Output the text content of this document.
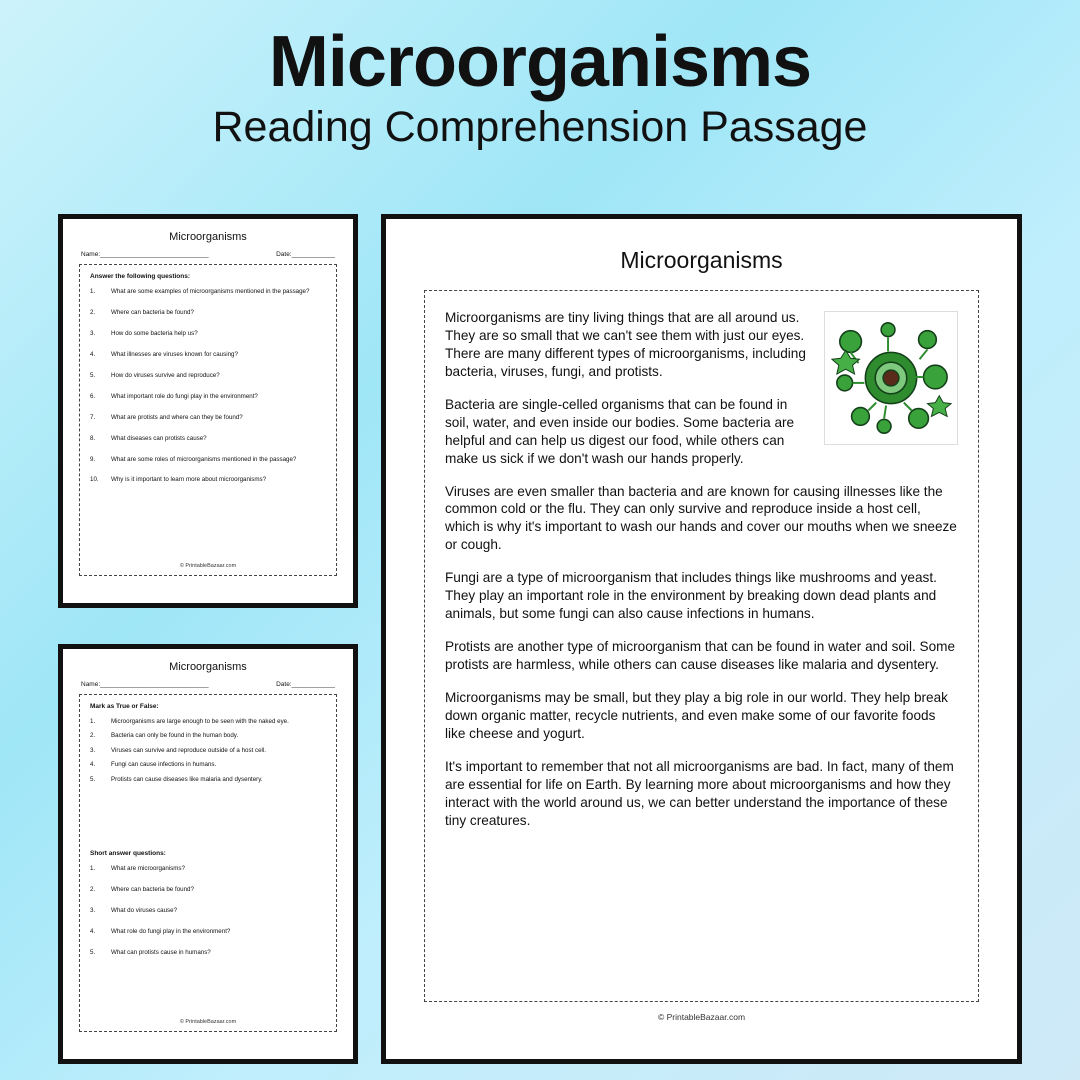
Microorganisms
Reading Comprehension Passage
Microorganisms
Name:______________________________	Date:____________
Answer the following questions:
1.	What are some examples of microorganisms mentioned in the passage?
2.	Where can bacteria be found?
3.	How do some bacteria help us?
4.	What illnesses are viruses known for causing?
5.	How do viruses survive and reproduce?
6.	What important role do fungi play in the environment?
7.	What are protists and where can they be found?
8.	What diseases can protists cause?
9.	What are some roles of microorganisms mentioned in the passage?
10.	Why is it important to learn more about microorganisms?
© PrintableBazaar.com
Microorganisms
Name:______________________________	Date:____________
Mark as True or False:
1.	Microorganisms are large enough to be seen with the naked eye.
2.	Bacteria can only be found in the human body.
3.	Viruses can survive and reproduce outside of a host cell.
4.	Fungi can cause infections in humans.
5.	Protists can cause diseases like malaria and dysentery.
Short answer questions:
1.	What are microorganisms?
2.	Where can bacteria be found?
3.	What do viruses cause?
4.	What role do fungi play in the environment?
5.	What can protists cause in humans?
© PrintableBazaar.com
Microorganisms

Microorganisms are tiny living things that are all around us. They are so small that we can't see them with just our eyes. There are many different types of microorganisms, including bacteria, viruses, fungi, and protists.

Bacteria are single-celled organisms that can be found in soil, water, and even inside our bodies. Some bacteria are helpful and can help us digest our food, while others can make us sick if we don't wash our hands properly.

Viruses are even smaller than bacteria and are known for causing illnesses like the common cold or the flu. They can only survive and reproduce inside a host cell, which is why it's important to wash our hands and cover our mouths when we sneeze or cough.

Fungi are a type of microorganism that includes things like mushrooms and yeast. They play an important role in the environment by breaking down dead plants and animals, but some fungi can also cause infections in humans.

Protists are another type of microorganism that can be found in water and soil. Some protists are harmless, while others can cause diseases like malaria and dysentery.

Microorganisms may be small, but they play a big role in our world. They help break down organic matter, recycle nutrients, and even make some of our favorite foods like cheese and yogurt.

It's important to remember that not all microorganisms are bad. In fact, many of them are essential for life on Earth. By learning more about microorganisms and how they interact with the world around us, we can better understand the importance of these tiny creatures.

© PrintableBazaar.com
